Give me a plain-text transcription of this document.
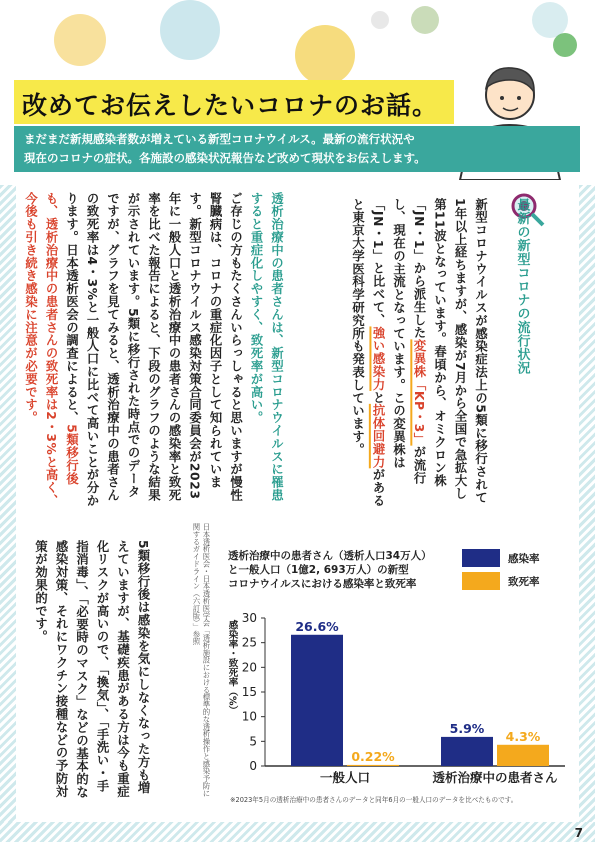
改めてお伝えしたいコロナのお話。
まだまだ新規感染者数が増えている新型コロナウイルス。最新の流行状況や
現在のコロナの症状。各施設の感染状況報告など改めて現状をお伝えします。
最新の新型コロナの流行状況

新型コロナウイルスが感染症法上の5類に移行されて1年以上経ちますが、感染が7月から全国で急拡大し第11波となっています。春頃から、オミクロン株「JN・1」から派生した変異株「KP・3」が流行し、現在の主流となっています。この変異株は「JN・1」と比べて、強い感染力と抗体回避力があると東京大学医科学研究所も発表しています。
透析治療中の患者さんは、新型コロナウイルスに罹患すると重症化しやすく、致死率が高い。
ご存じの方もたくさんいらっしゃると思いますが慢性腎臓病は、コロナの重症化因子として知られています。新型コロナウイルス感染対策合同委員会が2023年に一般人口と透析治療中の患者さんの感染率と致死率を比べた報告によると、下段のグラフのような結果が示されています。5類に移行された時点でのデータですが、グラフを見てみると、透析治療中の患者さんの致死率は4・3%と一般人口に比べて高いことが分かります。日本透析医会の調査によると、5類移行後も、透析治療中の患者さんの致死率は2・3%と高く、今後も引き続き感染に注意が必要です。
5類移行後は感染を気にしなくなった方も増えていますが、基礎疾患がある方は今も重症化リスクが高いので、「換気」、「手洗い・手指消毒」、「必要時のマスク」などの基本的な感染対策、それにワクチン接種などの予防対策が効果的です。	日本透析医会・日本透析医学会「透析施設における標準的な透析操作と感染予防に関するガイドライン（六訂版）」参照	透析治療中の患者さん（透析人口34万人）
と一般人口（1億2, 693万人）の新型
コロナウイルスにおける感染率と致死率
感染率
致死率
0
5
10
15
20
25
30
感染率・致死率（%）	26.6%
0.22%
一般人口
5.9%
4.3%
透析治療中の患者さん
※2023年5月の透析治療中の患者さんのデータと同年6月の一般人口のデータを比べたものです。
7
